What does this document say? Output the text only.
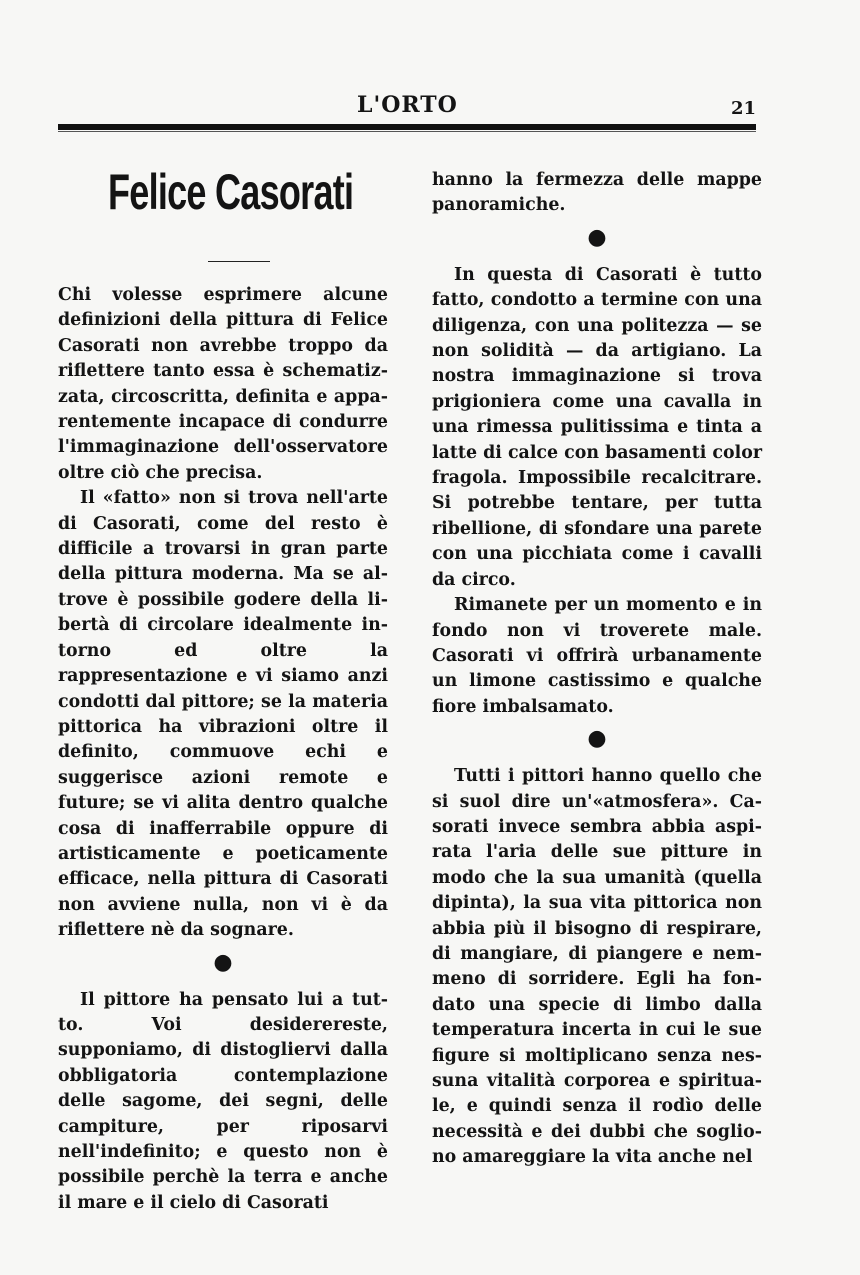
L'ORTO	21
Felice Casorati

Chi volesse esprimere alcune definizioni della pittura di Felice Casorati non avrebbe troppo da riflettere tanto essa è schematizzata, circoscritta, definita e apparentemente incapace di condurre l'immaginazione dell'osservatore oltre ciò che precisa.

Il «fatto» non si trova nell'arte di Casorati, come del resto è difficile a trovarsi in gran parte della pittura moderna. Ma se altrove è possibile godere della libertà di circolare idealmente intorno ed oltre la rappresentazione e vi siamo anzi condotti dal pittore; se la materia pittorica ha vibrazioni oltre il definito, commuove echi e suggerisce azioni remote e future; se vi alita dentro qualche cosa di inafferrabile oppure di artisticamente e poeticamente efficace, nella pittura di Casorati non avviene nulla, non vi è da riflettere nè da sognare.

●

Il pittore ha pensato lui a tutto. Voi desiderereste, supponiamo, di distogliervi dalla obbligatoria contemplazione delle sagome, dei segni, delle campiture, per riposarvi nell'indefinito; e questo non è possibile perchè la terra e anche il mare e il cielo di Casorati

hanno la fermezza delle mappe panoramiche.

●

In questa di Casorati è tutto fatto, condotto a termine con una diligenza, con una politezza — se non solidità — da artigiano. La nostra immaginazione si trova prigioniera come una cavalla in una rimessa pulitissima e tinta a latte di calce con basamenti color fragola. Impossibile recalcitrare. Si potrebbe tentare, per tutta ribellione, di sfondare una parete con una picchiata come i cavalli da circo.

Rimanete per un momento e in fondo non vi troverete male. Casorati vi offrirà urbanamente un limone castissimo e qualche fiore imbalsamato.

●

Tutti i pittori hanno quello che si suol dire un'«atmosfera». Casorati invece sembra abbia aspirata l'aria delle sue pitture in modo che la sua umanità (quella dipinta), la sua vita pittorica non abbia più il bisogno di respirare, di mangiare, di piangere e nemmeno di sorridere. Egli ha fondato una specie di limbo dalla temperatura incerta in cui le sue figure si moltiplicano senza nessuna vitalità corporea e spirituale, e quindi senza il rodìo delle necessità e dei dubbi che sogliono amareggiare la vita anche nel
